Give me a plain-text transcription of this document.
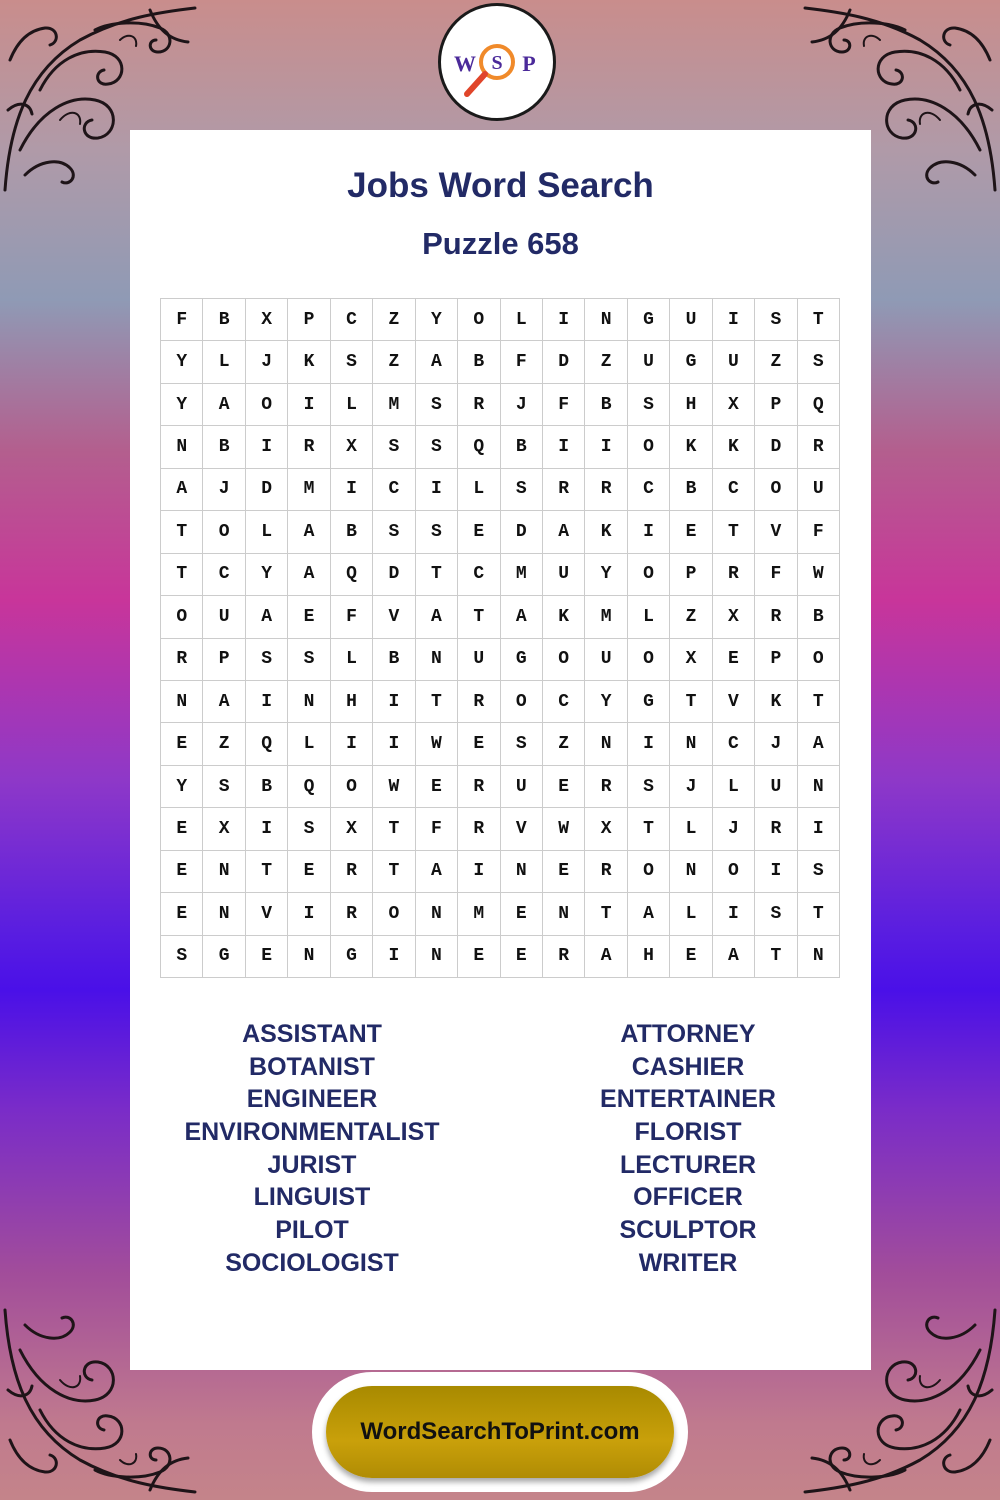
W S P
Jobs Word Search
Puzzle 658
F	B	X	P	C	Z	Y	O	L	I	N	G	U	I	S	T
Y	L	J	K	S	Z	A	B	F	D	Z	U	G	U	Z	S
Y	A	O	I	L	M	S	R	J	F	B	S	H	X	P	Q
N	B	I	R	X	S	S	Q	B	I	I	O	K	K	D	R
A	J	D	M	I	C	I	L	S	R	R	C	B	C	O	U
T	O	L	A	B	S	S	E	D	A	K	I	E	T	V	F
T	C	Y	A	Q	D	T	C	M	U	Y	O	P	R	F	W
O	U	A	E	F	V	A	T	A	K	M	L	Z	X	R	B
R	P	S	S	L	B	N	U	G	O	U	O	X	E	P	O
N	A	I	N	H	I	T	R	O	C	Y	G	T	V	K	T
E	Z	Q	L	I	I	W	E	S	Z	N	I	N	C	J	A
Y	S	B	Q	O	W	E	R	U	E	R	S	J	L	U	N
E	X	I	S	X	T	F	R	V	W	X	T	L	J	R	I
E	N	T	E	R	T	A	I	N	E	R	O	N	O	I	S
E	N	V	I	R	O	N	M	E	N	T	A	L	I	S	T
S	G	E	N	G	I	N	E	E	R	A	H	E	A	T	N
ASSISTANT
BOTANIST
ENGINEER
ENVIRONMENTALIST
JURIST
LINGUIST
PILOT
SOCIOLOGIST
ATTORNEY
CASHIER
ENTERTAINER
FLORIST
LECTURER
OFFICER
SCULPTOR
WRITER
WordSearchToPrint.com
